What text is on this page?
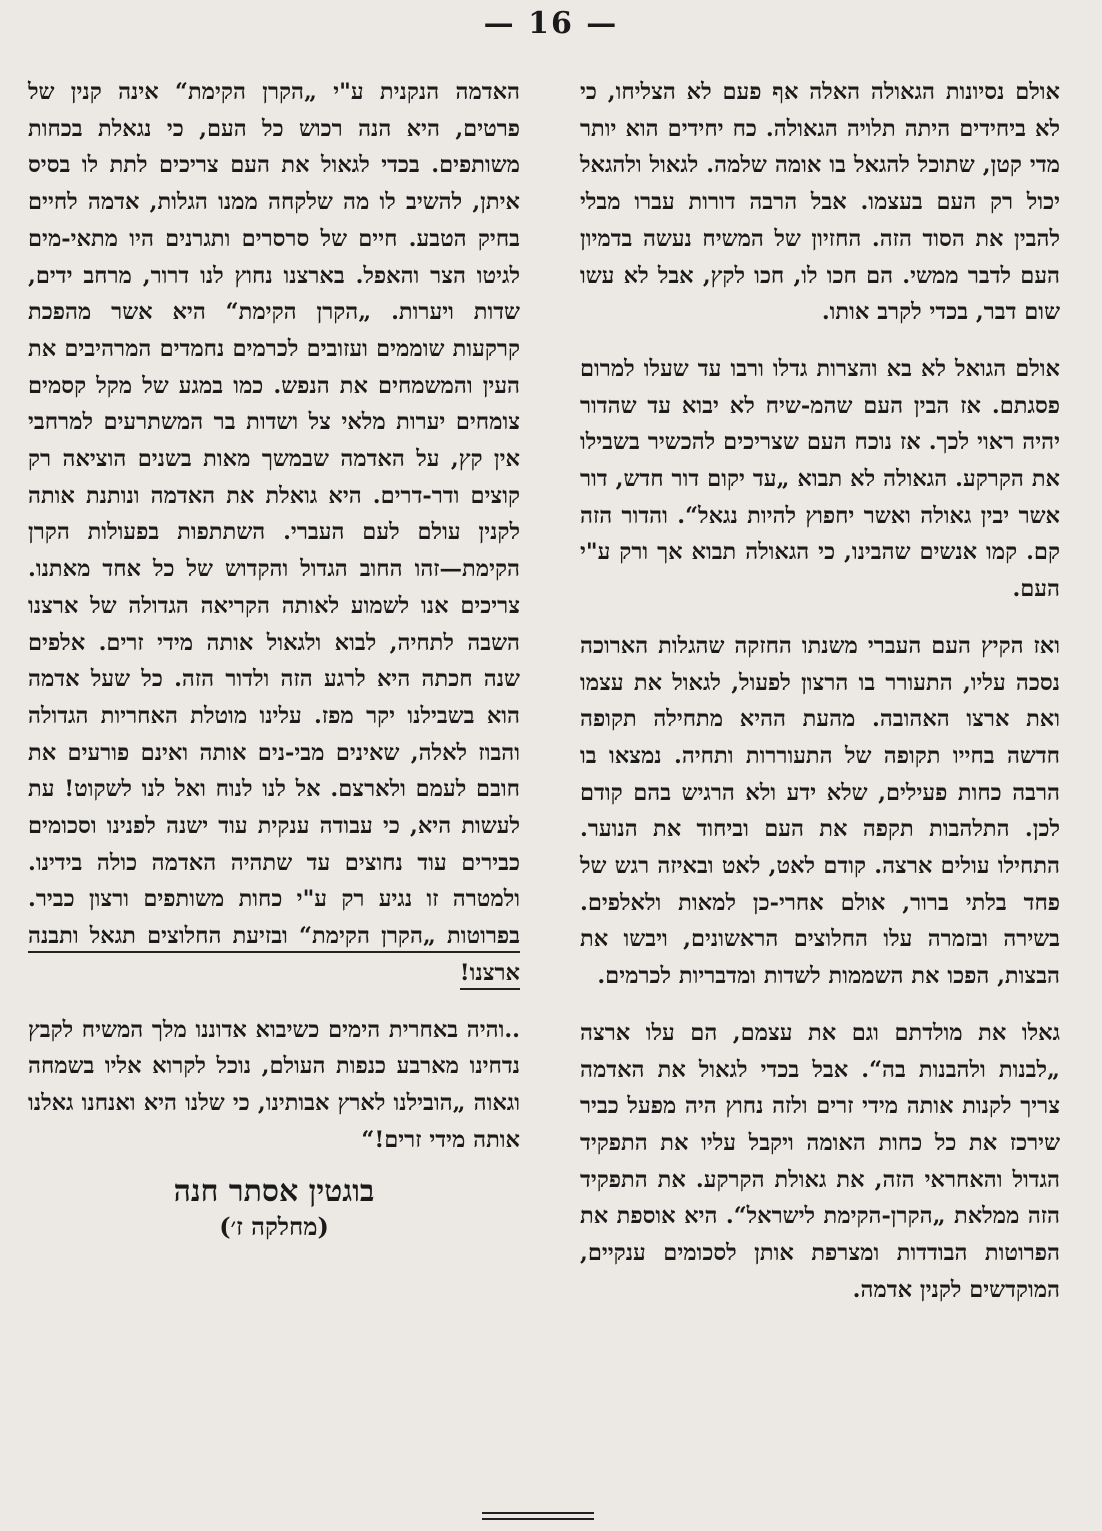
— 16 —

אולם נסיונות הגאולה האלה אף פעם לא הצליחו, כי לא ביחידים היתה תלויה הגאולה. כח יחידים הוא יותר מדי קטן, שתוכל להגאל בו אומה שלמה. לגאול ולהגאל יכול רק העם בעצמו. אבל הרבה דורות עברו מבלי להבין את הסוד הזה. החזיון של המשיח נעשה בדמיון העם לדבר ממשי. הם חכו לו, חכו לקץ, אבל לא עשו שום דבר, בכדי לקרב אותו.

אולם הגואל לא בא והצרות גדלו ורבו עד שעלו למרום פסגתם. אז הבין העם שהמ-שיח לא יבוא עד שהדור יהיה ראוי לכך. אז נוכח העם שצריכים להכשיר בשבילו את הקרקע. הגאולה לא תבוא „עד יקום דור חדש, דור אשר יבין גאולה ואשר יחפוץ להיות נגאל“. והדור הזה קם. קמו אנשים שהבינו, כי הגאולה תבוא אך ורק ע"י העם.

ואז הקיץ העם העברי משנתו החזקה שהגלות הארוכה נסכה עליו, התעורר בו הרצון לפעול, לגאול את עצמו ואת ארצו האהובה. מהעת ההיא מתחילה תקופה חדשה בחייו תקופה של התעוררות ותחיה. נמצאו בו הרבה כחות פעילים, שלא ידע ולא הרגיש בהם קודם לכן. התלהבות תקפה את העם וביחוד את הנוער. התחילו עולים ארצה. קודם לאט, לאט ובאיזה רגש של פחד בלתי ברור, אולם אחרי-כן למאות ולאלפים. בשירה ובזמרה עלו החלוצים הראשונים, ויבשו את הבצות, הפכו את השממות לשדות ומדבריות לכרמים.

גאלו את מולדתם וגם את עצמם, הם עלו ארצה „לבנות ולהבנות בה“. אבל בכדי לגאול את האדמה צריך לקנות אותה מידי זרים ולזה נחוץ היה מפעל כביר שירכז את כל כחות האומה ויקבל עליו את התפקיד הגדול והאחראי הזה, את גאולת הקרקע. את התפקיד הזה ממלאת „הקרן-הקימת לישראל“. היא אוספת את הפרוטות הבודדות ומצרפת אותן לסכומים ענקיים, המוקדשים לקנין אדמה.

האדמה הנקנית ע"י „הקרן הקימת“ אינה קנין של פרטים, היא הנה רכוש כל העם, כי נגאלת בכחות משותפים. בכדי לגאול את העם צריכים לתת לו בסיס איתן, להשיב לו מה שלקחה ממנו הגלות, אדמה לחיים בחיק הטבע. חיים של סרסרים ותגרנים היו מתאי-מים לגיטו הצר והאפל. בארצנו נחוץ לנו דרור, מרחב ידים, שדות ויערות. „הקרן הקימת“ היא אשר מהפכת קרקעות שוממים ועזובים לכרמים נחמדים המרהיבים את העין והמשמחים את הנפש. כמו במגע של מקל קסמים צומחים יערות מלאי צל ושדות בר המשתרעים למרחבי אין קץ, על האדמה שבמשך מאות בשנים הוציאה רק קוצים ודר-דרים. היא גואלת את האדמה ונותנת אותה לקנין עולם לעם העברי. השתתפות בפעולות הקרן הקימת—זהו החוב הגדול והקדוש של כל אחד מאתנו. צריכים אנו לשמוע לאותה הקריאה הגדולה של ארצנו השבה לתחיה, לבוא ולגאול אותה מידי זרים. אלפים שנה חכתה היא לרגע הזה ולדור הזה. כל שעל אדמה הוא בשבילנו יקר מפז. עלינו מוטלת האחריות הגדולה והבוז לאלה, שאינים מבי-נים אותה ואינם פורעים את חובם לעמם ולארצם. אל לנו לנוח ואל לנו לשקוט! עת לעשות היא, כי עבודה ענקית עוד ישנה לפנינו וסכומים כבירים עוד נחוצים עד שתהיה האדמה כולה בידינו. ולמטרה זו נגיע רק ע"י כחות משותפים ורצון כביר. בפרוטות „הקרן הקימת“ ובזיעת החלוצים תגאל ותבנה ארצנו!

..והיה באחרית הימים כשיבוא אדוננו מלך המשיח לקבץ נדחינו מארבע כנפות העולם, נוכל לקרוא אליו בשמחה וגאוה „הובילנו לארץ אבותינו, כי שלנו היא ואנחנו גאלנו אותה מידי זרים!“

בוגטין אסתר חנה
(מחלקה ז׳)
